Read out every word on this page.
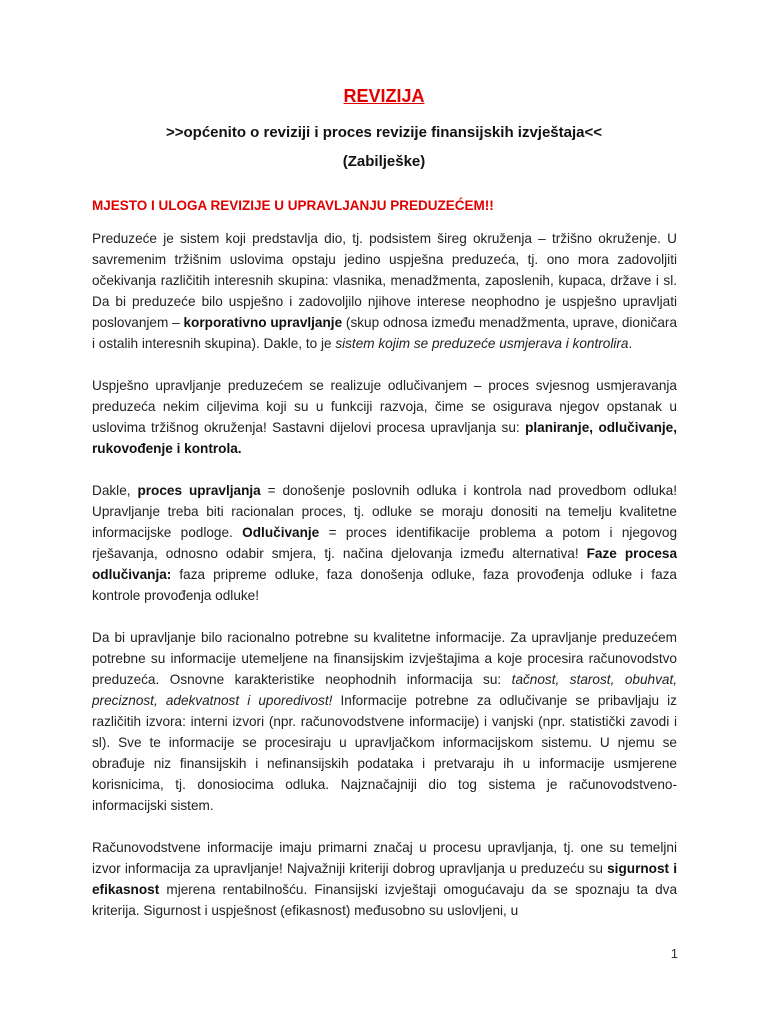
REVIZIJA
>>općenito o reviziji i proces revizije finansijskih izvještaja<<
(Zabilješke)
MJESTO I ULOGA REVIZIJE U UPRAVLJANJU PREDUZEĆEM!!

Preduzeće je sistem koji predstavlja dio, tj. podsistem šireg okruženja – tržišno okruženje. U savremenim tržišnim uslovima opstaju jedino uspješna preduzeća, tj. ono mora zadovoljiti očekivanja različitih interesnih skupina: vlasnika, menadžmenta, zaposlenih, kupaca, države i sl. Da bi preduzeće bilo uspješno i zadovoljilo njihove interese neophodno je uspješno upravljati poslovanjem – korporativno upravljanje (skup odnosa između menadžmenta, uprave, dioničara i ostalih interesnih skupina). Dakle, to je sistem kojim se preduzeće usmjerava i kontrolira.

Uspješno upravljanje preduzećem se realizuje odlučivanjem – proces svjesnog usmjeravanja preduzeća nekim ciljevima koji su u funkciji razvoja, čime se osigurava njegov opstanak u uslovima tržišnog okruženja! Sastavni dijelovi procesa upravljanja su: planiranje, odlučivanje, rukovođenje i kontrola.

Dakle, proces upravljanja = donošenje poslovnih odluka i kontrola nad provedbom odluka! Upravljanje treba biti racionalan proces, tj. odluke se moraju donositi na temelju kvalitetne informacijske podloge. Odlučivanje = proces identifikacije problema a potom i njegovog rješavanja, odnosno odabir smjera, tj. načina djelovanja između alternativa! Faze procesa odlučivanja: faza pripreme odluke, faza donošenja odluke, faza provođenja odluke i faza kontrole provođenja odluke!

Da bi upravljanje bilo racionalno potrebne su kvalitetne informacije. Za upravljanje preduzećem potrebne su informacije utemeljene na finansijskim izvještajima a koje procesira računovodstvo preduzeća. Osnovne karakteristike neophodnih informacija su: tačnost, starost, obuhvat, preciznost, adekvatnost i uporedivost! Informacije potrebne za odlučivanje se pribavljaju iz različitih izvora: interni izvori (npr. računovodstvene informacije) i vanjski (npr. statistički zavodi i sl). Sve te informacije se procesiraju u upravljačkom informacijskom sistemu. U njemu se obrađuje niz finansijskih i nefinansijskih podataka i pretvaraju ih u informacije usmjerene korisnicima, tj. donosiocima odluka. Najznačajniji dio tog sistema je računovodstveno-informacijski sistem.

Računovodstvene informacije imaju primarni značaj u procesu upravljanja, tj. one su temeljni izvor informacija za upravljanje! Najvažniji kriteriji dobrog upravljanja u preduzeću su sigurnost i efikasnost mjerena rentabilnošću. Finansijski izvještaji omogućavaju da se spoznaju ta dva kriterija. Sigurnost i uspješnost (efikasnost) međusobno su uslovljeni, u

1
